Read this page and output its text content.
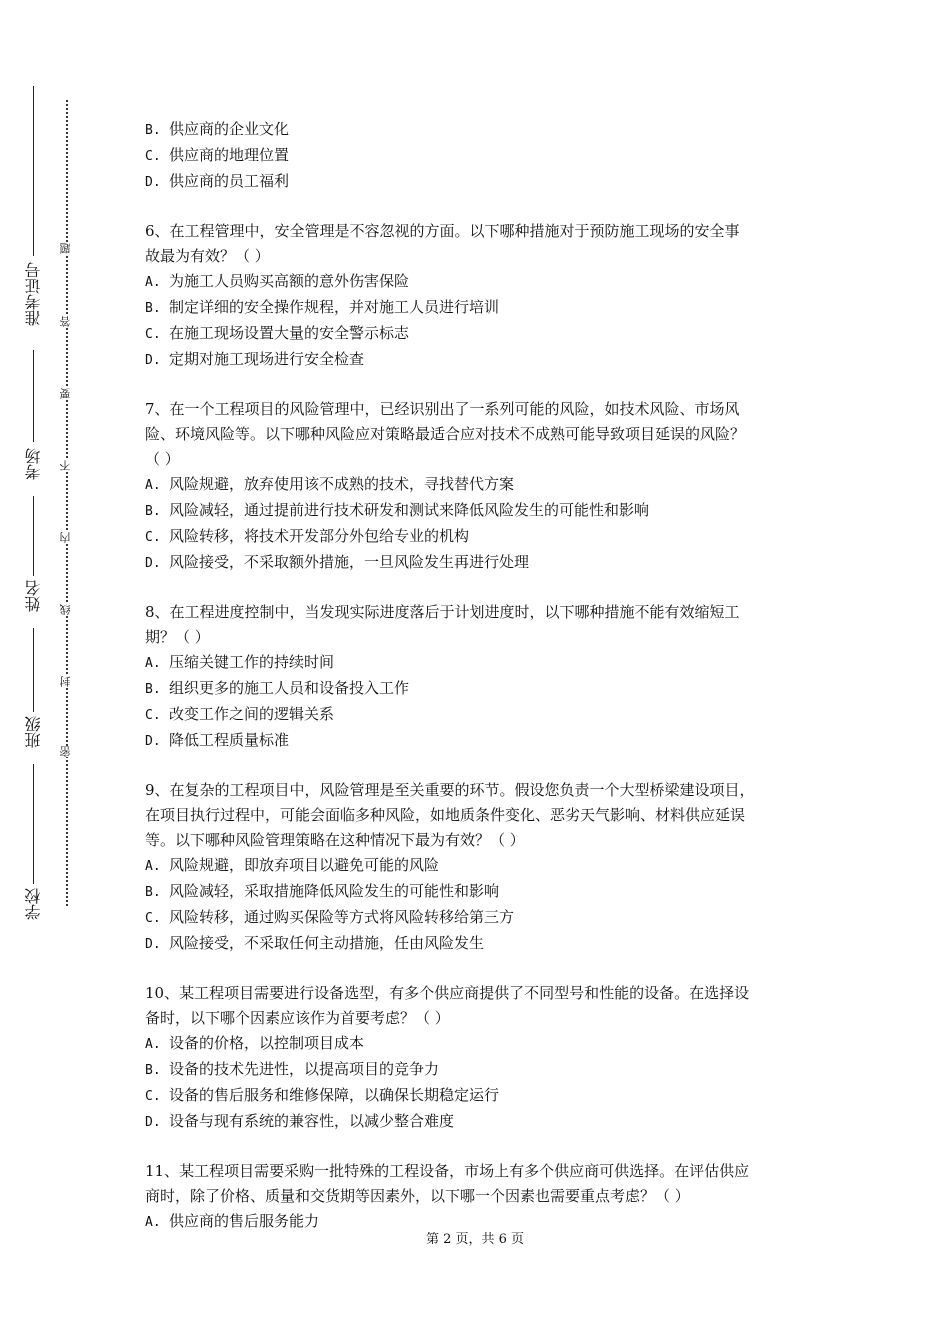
准考证号
考场
姓名
班级
学校
题
答
要
不
内
线
封
密

B. 供应商的企业文化

C. 供应商的地理位置

D. 供应商的员工福利

6、在工程管理中，安全管理是不容忽视的方面。以下哪种措施对于预防施工现场的安全事

故最为有效？（ ）

A. 为施工人员购买高额的意外伤害保险

B. 制定详细的安全操作规程，并对施工人员进行培训

C. 在施工现场设置大量的安全警示标志

D. 定期对施工现场进行安全检查

7、在一个工程项目的风险管理中，已经识别出了一系列可能的风险，如技术风险、市场风

险、环境风险等。以下哪种风险应对策略最适合应对技术不成熟可能导致项目延误的风险？

（ ）

A. 风险规避，放弃使用该不成熟的技术，寻找替代方案

B. 风险减轻，通过提前进行技术研发和测试来降低风险发生的可能性和影响

C. 风险转移，将技术开发部分外包给专业的机构

D. 风险接受，不采取额外措施，一旦风险发生再进行处理

8、在工程进度控制中，当发现实际进度落后于计划进度时，以下哪种措施不能有效缩短工

期？（ ）

A. 压缩关键工作的持续时间

B. 组织更多的施工人员和设备投入工作

C. 改变工作之间的逻辑关系

D. 降低工程质量标准

9、在复杂的工程项目中，风险管理是至关重要的环节。假设您负责一个大型桥梁建设项目，

在项目执行过程中，可能会面临多种风险，如地质条件变化、恶劣天气影响、材料供应延误

等。以下哪种风险管理策略在这种情况下最为有效？（ ）

A. 风险规避，即放弃项目以避免可能的风险

B. 风险减轻，采取措施降低风险发生的可能性和影响

C. 风险转移，通过购买保险等方式将风险转移给第三方

D. 风险接受，不采取任何主动措施，任由风险发生

10、某工程项目需要进行设备选型，有多个供应商提供了不同型号和性能的设备。在选择设

备时，以下哪个因素应该作为首要考虑？（ ）

A. 设备的价格，以控制项目成本

B. 设备的技术先进性，以提高项目的竞争力

C. 设备的售后服务和维修保障，以确保长期稳定运行

D. 设备与现有系统的兼容性，以减少整合难度

11、某工程项目需要采购一批特殊的工程设备，市场上有多个供应商可供选择。在评估供应

商时，除了价格、质量和交货期等因素外，以下哪一个因素也需要重点考虑？（ ）

A. 供应商的售后服务能力

第 2 页，共 6 页
